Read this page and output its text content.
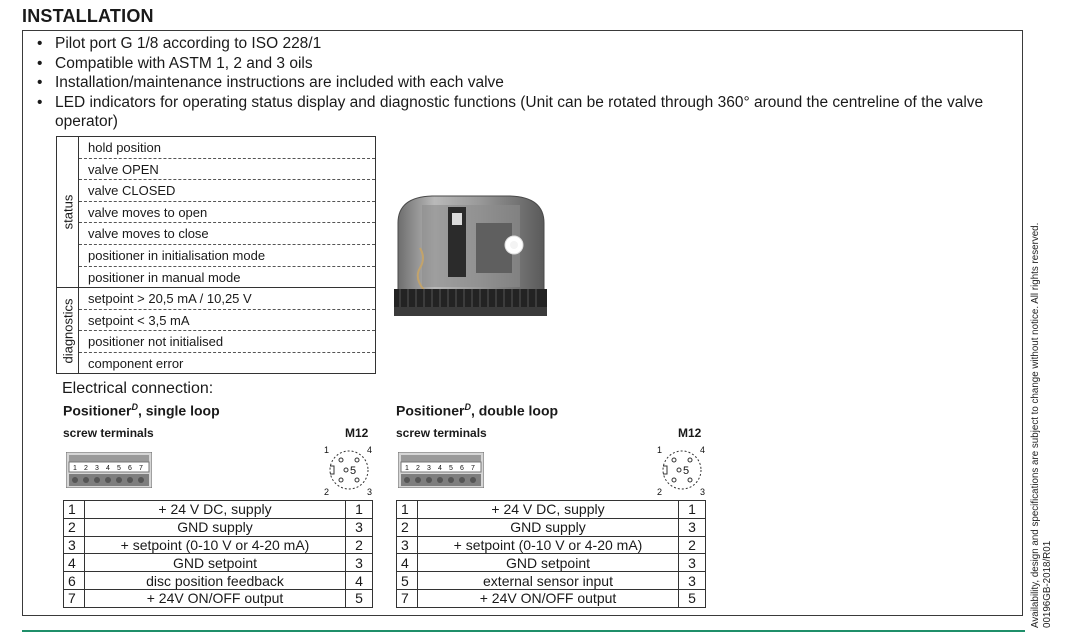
INSTALLATION
• Pilot port G 1/8 according to ISO 228/1
• Compatible with ASTM 1, 2 and 3 oils
• Installation/maintenance instructions are included with each valve
• LED indicators for operating status display and diagnostic functions (Unit can be rotated through 360° around the centreline of the valve operator)
status
hold position
valve OPEN
valve CLOSED
valve moves to open
valve moves to close
positioner in initialisation mode
positioner in manual mode
diagnostics	setpoint > 20,5 mA / 10,25 V
setpoint < 3,5 mA
positioner not initialised
component error
Electrical connection:
Positioner$^D$, single loop
screw terminals	M12
1 2 3 4 5 6 7
1	4
5
2	3
1	+ 24 V DC, supply	1
2	GND supply	3
3	+ setpoint (0-10 V or 4-20 mA)	2
4	GND setpoint	3
6	disc position feedback	4
7	+ 24V ON/OFF output	5
Positioner$^D$, double loop
screw terminals	M12
1 2 3 4 5 6 7
1	4
5
2	3
1	+ 24 V DC, supply	1
2	GND supply	3
3	+ setpoint (0-10 V or 4-20 mA)	2
4	GND setpoint	3
5	external sensor input	3
7	+ 24V ON/OFF output	5	Availability, design and specifications are subject to change without notice. All rights reserved. 00196GB-2018/R01
